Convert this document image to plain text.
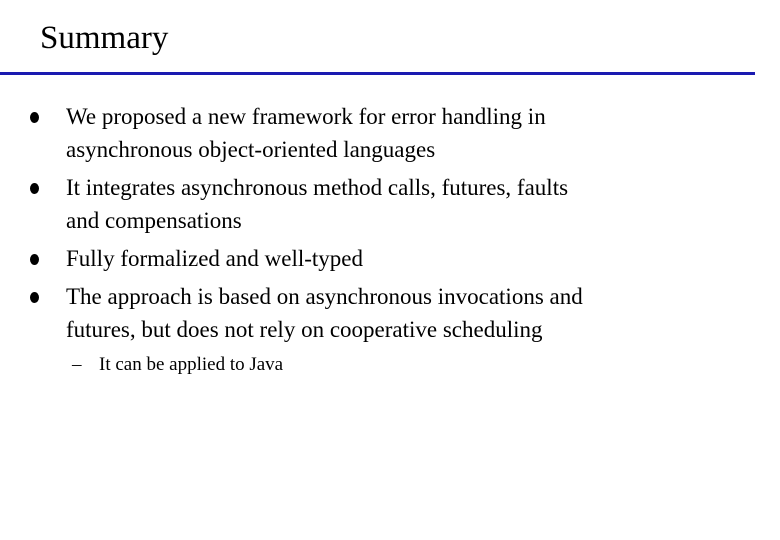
Summary
We proposed a new framework for error handling in
asynchronous object-oriented languages
It integrates asynchronous method calls, futures, faults
and compensations
Fully formalized and well-typed
The approach is based on asynchronous invocations and
futures, but does not rely on cooperative scheduling
– It can be applied to Java
